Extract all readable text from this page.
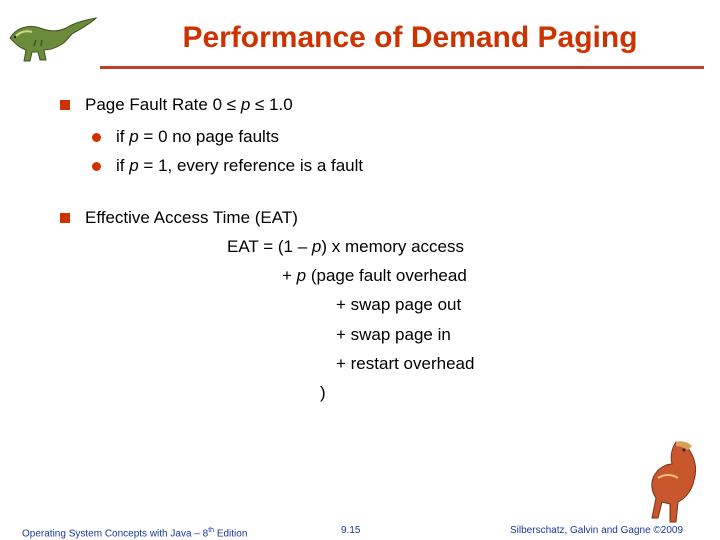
Performance of Demand Paging
Page Fault Rate 0 ≤ p ≤ 1.0
if p = 0 no page faults
if p = 1, every reference is a fault
Effective Access Time (EAT)
EAT = (1 – p) x memory access
+ p (page fault overhead
+ swap page out
+ swap page in
+ restart overhead
)
Operating System Concepts with Java – 8th Edition	9.15	Silberschatz, Galvin and Gagne ©2009
